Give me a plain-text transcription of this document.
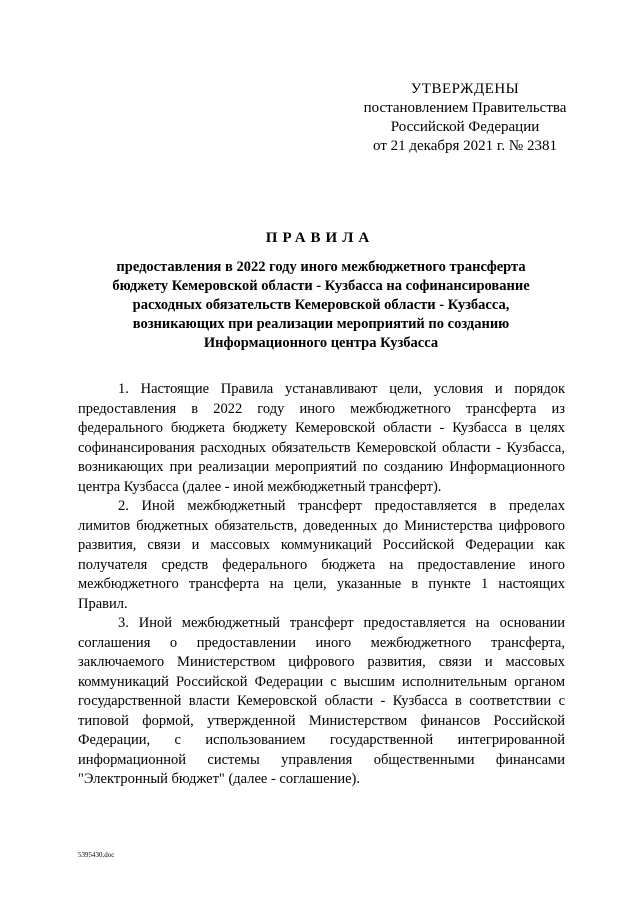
УТВЕРЖДЕНЫ
постановлением Правительства
Российской Федерации
от 21 декабря 2021 г. № 2381
ПРАВИЛА
предоставления в 2022 году иного межбюджетного трансферта
бюджету Кемеровской области - Кузбасса на софинансирование
расходных обязательств Кемеровской области - Кузбасса,
возникающих при реализации мероприятий по созданию
Информационного центра Кузбасса

1. Настоящие Правила устанавливают цели, условия и порядок предоставления в 2022 году иного межбюджетного трансферта из федерального бюджета бюджету Кемеровской области - Кузбасса в целях софинансирования расходных обязательств Кемеровской области - Кузбасса, возникающих при реализации мероприятий по созданию Информационного центра Кузбасса (далее - иной межбюджетный трансферт).

2. Иной межбюджетный трансферт предоставляется в пределах лимитов бюджетных обязательств, доведенных до Министерства цифрового развития, связи и массовых коммуникаций Российской Федерации как получателя средств федерального бюджета на предоставление иного межбюджетного трансферта на цели, указанные в пункте 1 настоящих Правил.

3. Иной межбюджетный трансферт предоставляется на основании соглашения о предоставлении иного межбюджетного трансферта, заключаемого Министерством цифрового развития, связи и массовых коммуникаций Российской Федерации с высшим исполнительным органом государственной власти Кемеровской области - Кузбасса в соответствии с типовой формой, утвержденной Министерством финансов Российской Федерации, с использованием государственной интегрированной информационной системы управления общественными финансами "Электронный бюджет" (далее - соглашение).

5395430.doc
